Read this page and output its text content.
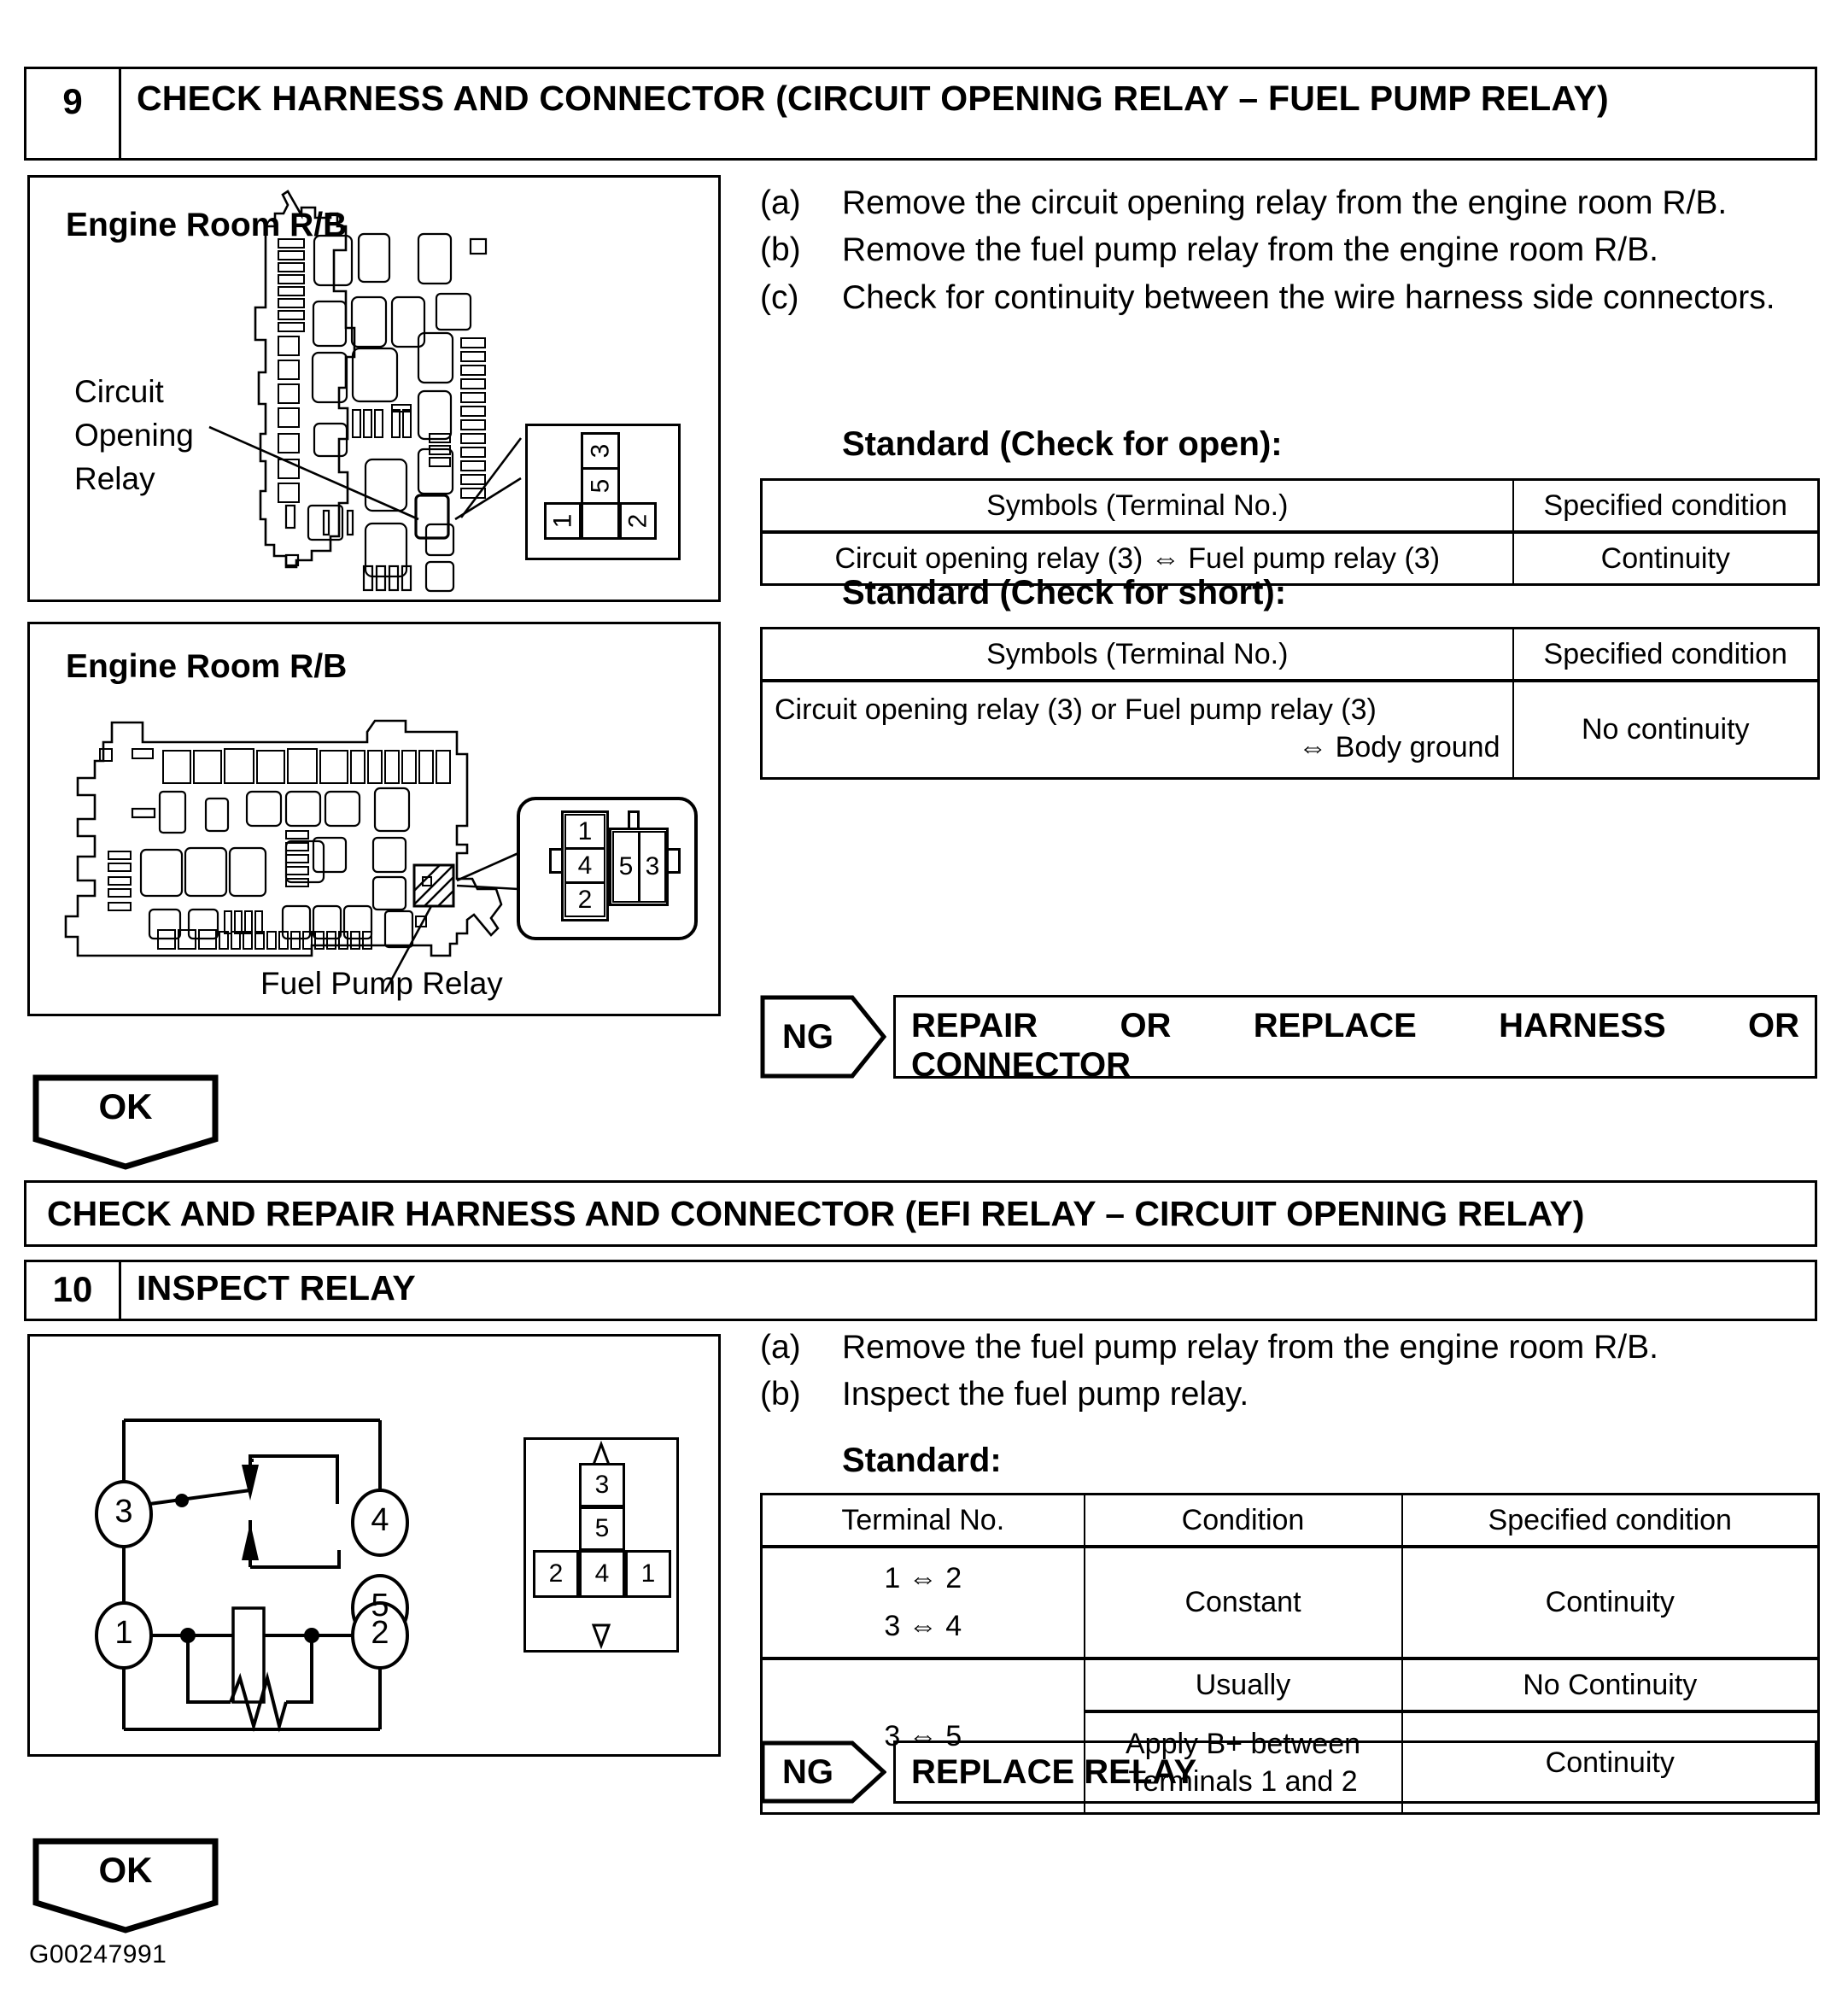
9	CHECK HARNESS AND CONNECTOR (CIRCUIT OPENING RELAY – FUEL PUMP RELAY)
Engine Room R/B
Circuit
Opening
Relay
3
5
1 2
(a)	Remove the circuit opening relay from the engine room R/B.
(b)	Remove the fuel pump relay from the engine room R/B.
(c)	Check for continuity between the wire harness side connectors.
Standard (Check for open):
Symbols (Terminal No.)	Specified condition
Circuit opening relay (3) ⇔ Fuel pump relay (3)	Continuity
Standard (Check for short):
Symbols (Terminal No.)	Specified condition

Circuit opening relay (3) or Fuel pump relay (3)
⇔ Body ground	No continuity
Engine Room R/B
1
4
2
5 3
Fuel Pump Relay
NG REPAIR OR REPLACE HARNESS OR
CONNECTOR
OK
CHECK AND REPAIR HARNESS AND CONNECTOR (EFI RELAY – CIRCUIT OPENING RELAY)
10	INSPECT RELAY
3	4
5
1	2
3
5
2 4 1
(a)	Remove the fuel pump relay from the engine room R/B.
(b)	Inspect the fuel pump relay.
Standard:
Terminal No.	Condition	Specified condition

1 ⇔ 2
3 ⇔ 4	Constant	Continuity
3 ⇔ 5	Usually	No Continuity

	Apply B+ between
Terminals 1 and 2	Continuity
NG REPLACE RELAY
OK
G00247991
